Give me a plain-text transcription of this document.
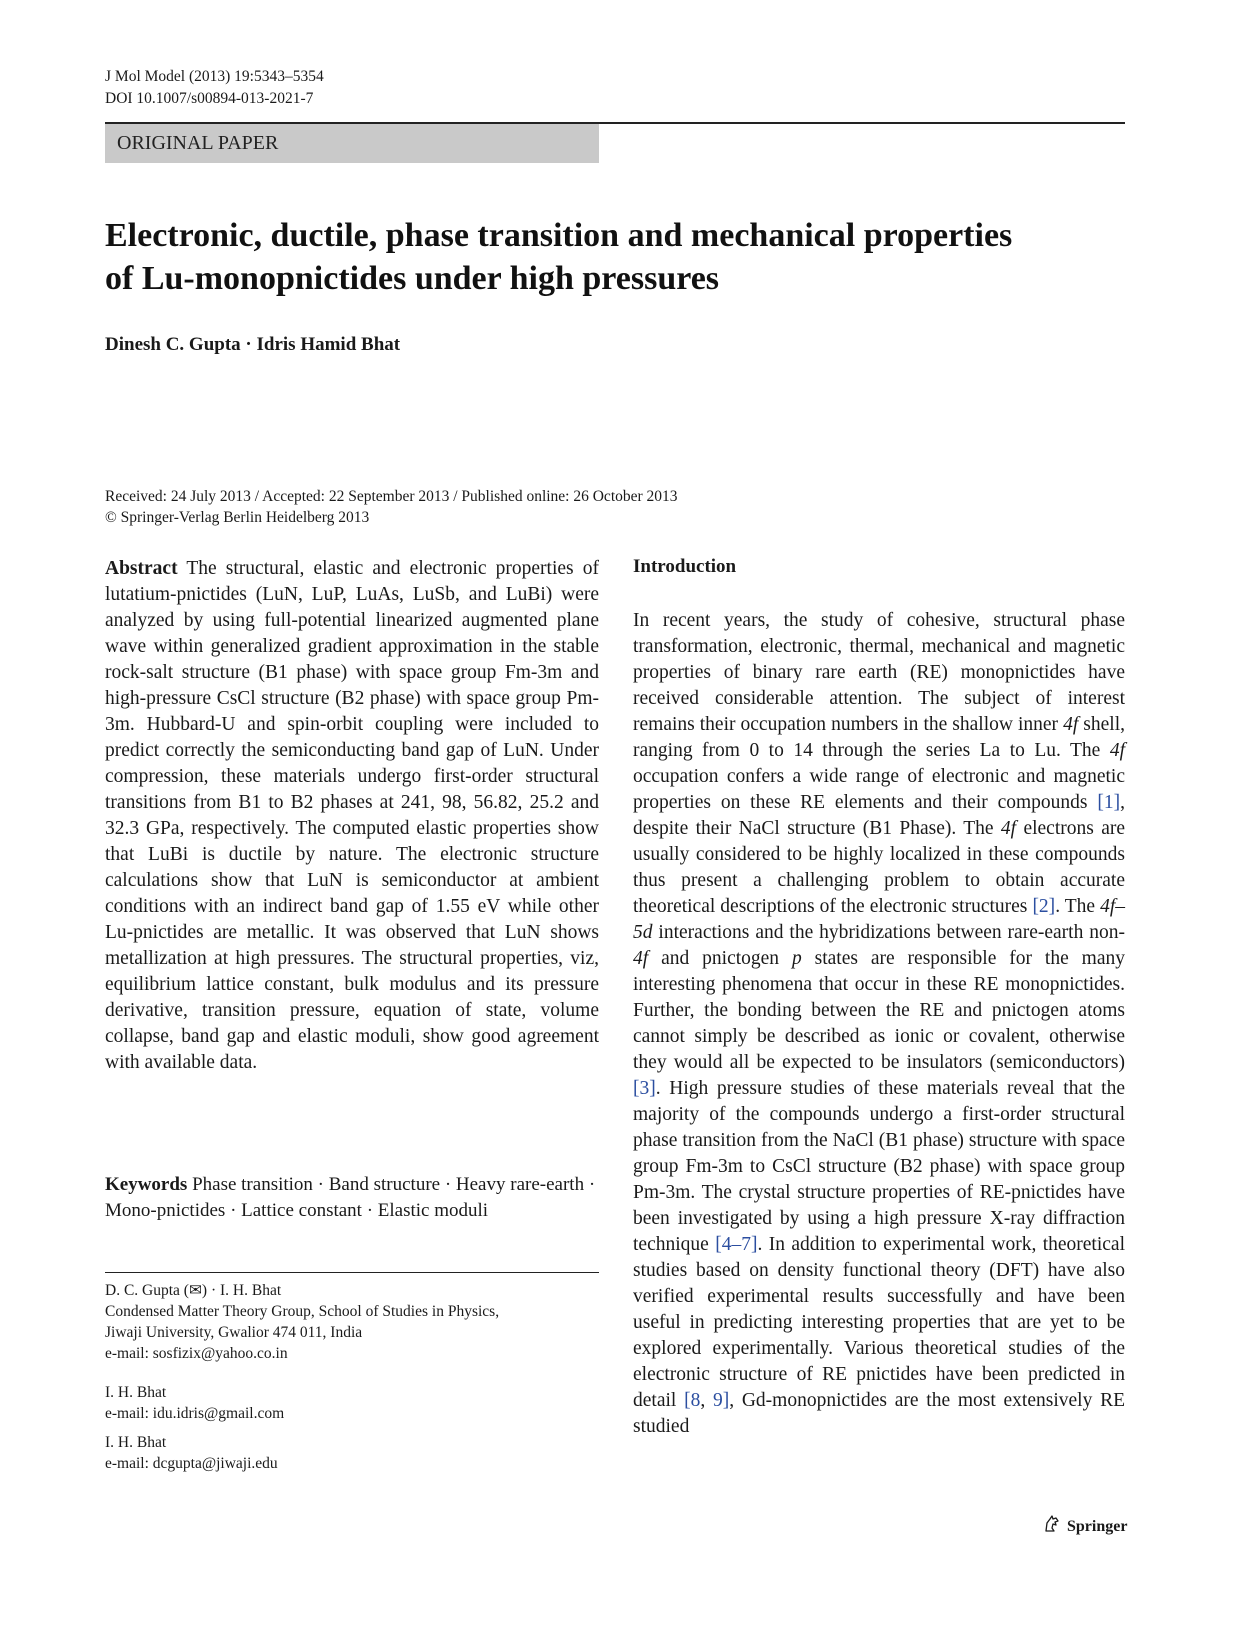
J Mol Model (2013) 19:5343–5354
DOI 10.1007/s00894-013-2021-7
ORIGINAL PAPER
Electronic, ductile, phase transition and mechanical properties
of Lu-monopnictides under high pressures
Dinesh C. Gupta · Idris Hamid Bhat
Received: 24 July 2013 / Accepted: 22 September 2013 / Published online: 26 October 2013
© Springer-Verlag Berlin Heidelberg 2013
Abstract The structural, elastic and electronic properties of lutatium-pnictides (LuN, LuP, LuAs, LuSb, and LuBi) were analyzed by using full-potential linearized augmented plane wave within generalized gradient approximation in the stable rock-salt structure (B1 phase) with space group Fm-3m and high-pressure CsCl structure (B2 phase) with space group Pm-3m. Hubbard-U and spin-orbit coupling were included to predict correctly the semiconducting band gap of LuN. Under compression, these materials undergo first-order structural transitions from B1 to B2 phases at 241, 98, 56.82, 25.2 and 32.3 GPa, respectively. The computed elastic properties show that LuBi is ductile by nature. The electronic structure calculations show that LuN is semiconductor at ambient conditions with an indirect band gap of 1.55 eV while other Lu-pnictides are metallic. It was observed that LuN shows metallization at high pressures. The structural properties, viz, equilibrium lattice constant, bulk modulus and its pressure derivative, transition pressure, equation of state, volume collapse, band gap and elastic moduli, show good agreement with available data.
Keywords Phase transition · Band structure · Heavy rare-earth · Mono-pnictides · Lattice constant · Elastic moduli
D. C. Gupta (✉) · I. H. Bhat
Condensed Matter Theory Group, School of Studies in Physics,
Jiwaji University, Gwalior 474 011, India
e-mail: sosfizix@yahoo.co.in
I. H. Bhat
e-mail: idu.idris@gmail.com
I. H. Bhat
e-mail: dcgupta@jiwaji.edu
Introduction
In recent years, the study of cohesive, structural phase transformation, electronic, thermal, mechanical and magnetic properties of binary rare earth (RE) monopnictides have received considerable attention. The subject of interest remains their occupation numbers in the shallow inner 4f shell, ranging from 0 to 14 through the series La to Lu. The 4f occupation confers a wide range of electronic and magnetic properties on these RE elements and their compounds [1], despite their NaCl structure (B1 Phase). The 4f electrons are usually considered to be highly localized in these compounds thus present a challenging problem to obtain accurate theoretical descriptions of the electronic structures [2]. The 4f–5d interactions and the hybridizations between rare-earth non-4f and pnictogen p states are responsible for the many interesting phenomena that occur in these RE monopnictides. Further, the bonding between the RE and pnictogen atoms cannot simply be described as ionic or covalent, otherwise they would all be expected to be insulators (semiconductors) [3]. High pressure studies of these materials reveal that the majority of the compounds undergo a first-order structural phase transition from the NaCl (B1 phase) structure with space group Fm-3m to CsCl structure (B2 phase) with space group Pm-3m. The crystal structure properties of RE-pnictides have been investigated by using a high pressure X-ray diffraction technique [4–7]. In addition to experimental work, theoretical studies based on density functional theory (DFT) have also verified experimental results successfully and have been useful in predicting interesting properties that are yet to be explored experimentally. Various theoretical studies of the electronic structure of RE pnictides have been predicted in detail [8, 9], Gd-monopnictides are the most extensively RE studied
Springer
